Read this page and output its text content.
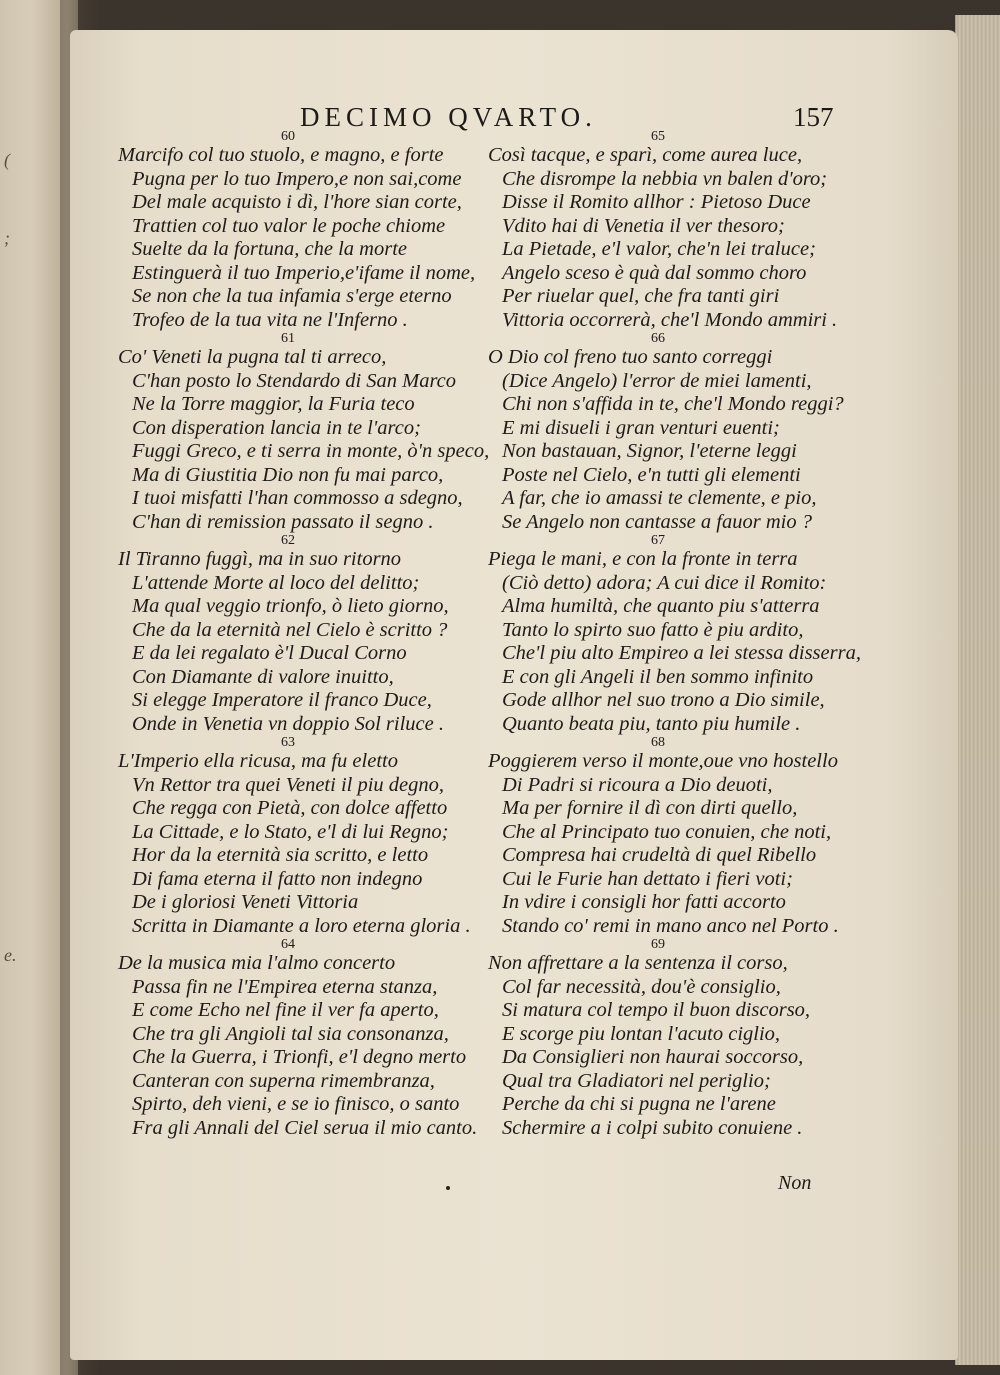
(
;
e.
DECIMO QVARTO.	157
60
Marcifo col tuo stuolo, e magno, e forte
Pugna per lo tuo Impero,e non sai,come
Del male acquisto i dì, l'hore sian corte,
Trattien col tuo valor le poche chiome
Suelte da la fortuna, che la morte
Estinguerà il tuo Imperio,e'ifame il nome,
Se non che la tua infamia s'erge eterno
Trofeo de la tua vita ne l'Inferno .
61
Co' Veneti la pugna tal ti arreco,
C'han posto lo Stendardo di San Marco
Ne la Torre maggior, la Furia teco
Con disperation lancia in te l'arco;
Fuggi Greco, e ti serra in monte, ò'n speco,
Ma di Giustitia Dio non fu mai parco,
I tuoi misfatti l'han commosso a sdegno,
C'han di remission passato il segno .
62
Il Tiranno fuggì, ma in suo ritorno
L'attende Morte al loco del delitto;
Ma qual veggio trionfo, ò lieto giorno,
Che da la eternità nel Cielo è scritto ?
E da lei regalato è'l Ducal Corno
Con Diamante di valore inuitto,
Si elegge Imperatore il franco Duce,
Onde in Venetia vn doppio Sol riluce .
63
L'Imperio ella ricusa, ma fu eletto
Vn Rettor tra quei Veneti il piu degno,
Che regga con Pietà, con dolce affetto
La Cittade, e lo Stato, e'l di lui Regno;
Hor da la eternità sia scritto, e letto
Di fama eterna il fatto non indegno
De i gloriosi Veneti Vittoria
Scritta in Diamante a loro eterna gloria .
64
De la musica mia l'almo concerto
Passa fin ne l'Empirea eterna stanza,
E come Echo nel fine il ver fa aperto,
Che tra gli Angioli tal sia consonanza,
Che la Guerra, i Trionfi, e'l degno merto
Canteran con superna rimembranza,
Spirto, deh vieni, e se io finisco, o santo
Fra gli Annali del Ciel serua il mio canto.
65
Così tacque, e sparì, come aurea luce,
Che disrompe la nebbia vn balen d'oro;
Disse il Romito allhor : Pietoso Duce
Vdito hai di Venetia il ver thesoro;
La Pietade, e'l valor, che'n lei traluce;
Angelo sceso è quà dal sommo choro
Per riuelar quel, che fra tanti giri
Vittoria occorrerà, che'l Mondo ammiri .
66
O Dio col freno tuo santo correggi
(Dice Angelo) l'error de miei lamenti,
Chi non s'affida in te, che'l Mondo reggi?
E mi disueli i gran venturi euenti;
Non bastauan, Signor, l'eterne leggi
Poste nel Cielo, e'n tutti gli elementi
A far, che io amassi te clemente, e pio,
Se Angelo non cantasse a fauor mio ?
67
Piega le mani, e con la fronte in terra
(Ciò detto) adora; A cui dice il Romito:
Alma humiltà, che quanto piu s'atterra
Tanto lo spirto suo fatto è piu ardito,
Che'l piu alto Empireo a lei stessa disserra,
E con gli Angeli il ben sommo infinito
Gode allhor nel suo trono a Dio simile,
Quanto beata piu, tanto piu humile .
68
Poggierem verso il monte,oue vno hostello
Di Padri si ricoura a Dio deuoti,
Ma per fornire il dì con dirti quello,
Che al Principato tuo conuien, che noti,
Compresa hai crudeltà di quel Ribello
Cui le Furie han dettato i fieri voti;
In vdire i consigli hor fatti accorto
Stando co' remi in mano anco nel Porto .
69
Non affrettare a la sentenza il corso,
Col far necessità, dou'è consiglio,
Si matura col tempo il buon discorso,
E scorge piu lontan l'acuto ciglio,
Da Consiglieri non haurai soccorso,
Qual tra Gladiatori nel periglio;
Perche da chi si pugna ne l'arene
Schermire a i colpi subito conuiene .
Non
